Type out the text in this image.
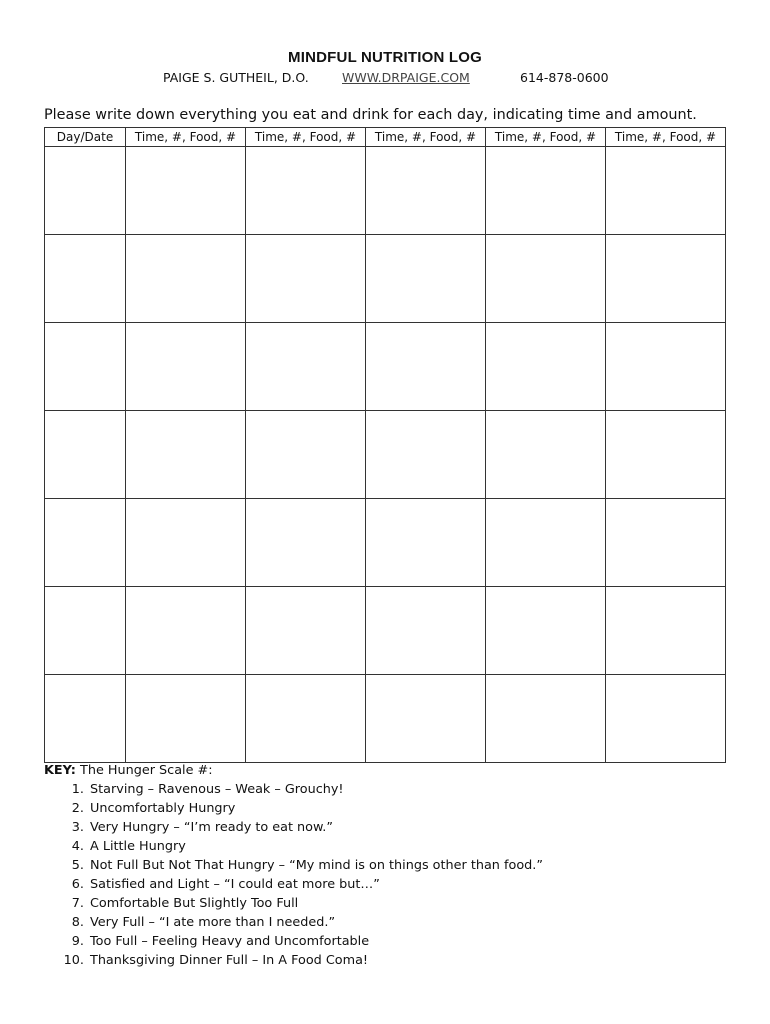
MINDFUL NUTRITION LOG
PAIGE S. GUTHEIL, D.O.	WWW.DRPAIGE.COM	614-878-0600
Please write down everything you eat and drink for each day, indicating time and amount.
Day/Date	Time, #, Food, #	Time, #, Food, #	Time, #, Food, #	Time, #, Food, #	Time, #, Food, #

KEY: The Hunger Scale #:
1. Starving – Ravenous – Weak – Grouchy!
2. Uncomfortably Hungry
3. Very Hungry – “I’m ready to eat now.”
4. A Little Hungry
5. Not Full But Not That Hungry – “My mind is on things other than food.”
6. Satisfied and Light – “I could eat more but…”
7. Comfortable But Slightly Too Full
8. Very Full – “I ate more than I needed.”
9. Too Full – Feeling Heavy and Uncomfortable
10. Thanksgiving Dinner Full – In A Food Coma!
